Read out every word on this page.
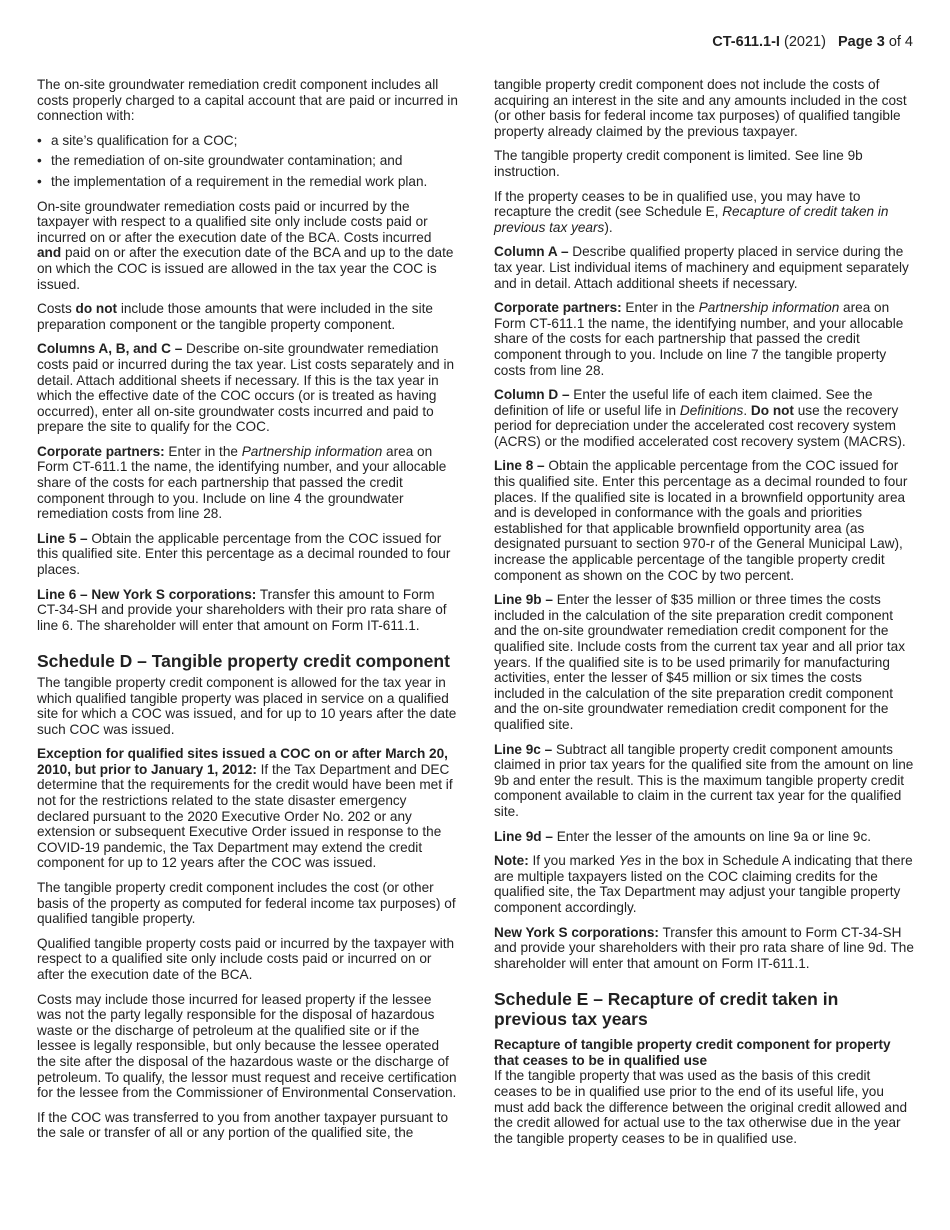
CT-611.1-I (2021) Page 3 of 4

The on-site groundwater remediation credit component includes all costs properly charged to a capital account that are paid or incurred in connection with:

• a site’s qualification for a COC;
• the remediation of on-site groundwater contamination; and
• the implementation of a requirement in the remedial work plan.

On-site groundwater remediation costs paid or incurred by the taxpayer with respect to a qualified site only include costs paid or incurred on or after the execution date of the BCA. Costs incurred and paid on or after the execution date of the BCA and up to the date on which the COC is issued are allowed in the tax year the COC is issued.

Costs do not include those amounts that were included in the site preparation component or the tangible property component.

Columns A, B, and C – Describe on-site groundwater remediation costs paid or incurred during the tax year. List costs separately and in detail. Attach additional sheets if necessary. If this is the tax year in which the effective date of the COC occurs (or is treated as having occurred), enter all on-site groundwater costs incurred and paid to prepare the site to qualify for the COC.

Corporate partners: Enter in the Partnership information area on Form CT-611.1 the name, the identifying number, and your allocable share of the costs for each partnership that passed the credit component through to you. Include on line 4 the groundwater remediation costs from line 28.

Line 5 – Obtain the applicable percentage from the COC issued for this qualified site. Enter this percentage as a decimal rounded to four places.

Line 6 – New York S corporations: Transfer this amount to Form CT-34-SH and provide your shareholders with their pro rata share of line 6. The shareholder will enter that amount on Form IT-611.1.

Schedule D – Tangible property credit component

The tangible property credit component is allowed for the tax year in which qualified tangible property was placed in service on a qualified site for which a COC was issued, and for up to 10 years after the date such COC was issued.

Exception for qualified sites issued a COC on or after March 20, 2010, but prior to January 1, 2012: If the Tax Department and DEC determine that the requirements for the credit would have been met if not for the restrictions related to the state disaster emergency declared pursuant to the 2020 Executive Order No. 202 or any extension or subsequent Executive Order issued in response to the COVID-19 pandemic, the Tax Department may extend the credit component for up to 12 years after the COC was issued.

The tangible property credit component includes the cost (or other basis of the property as computed for federal income tax purposes) of qualified tangible property.

Qualified tangible property costs paid or incurred by the taxpayer with respect to a qualified site only include costs paid or incurred on or after the execution date of the BCA.

Costs may include those incurred for leased property if the lessee was not the party legally responsible for the disposal of hazardous waste or the discharge of petroleum at the qualified site or if the lessee is legally responsible, but only because the lessee operated the site after the disposal of the hazardous waste or the discharge of petroleum. To qualify, the lessor must request and receive certification for the lessee from the Commissioner of Environmental Conservation.

If the COC was transferred to you from another taxpayer pursuant to the sale or transfer of all or any portion of the qualified site, the

tangible property credit component does not include the costs of acquiring an interest in the site and any amounts included in the cost (or other basis for federal income tax purposes) of qualified tangible property already claimed by the previous taxpayer.

The tangible property credit component is limited. See line 9b instruction.

If the property ceases to be in qualified use, you may have to recapture the credit (see Schedule E, Recapture of credit taken in previous tax years).

Column A – Describe qualified property placed in service during the tax year. List individual items of machinery and equipment separately and in detail. Attach additional sheets if necessary.

Corporate partners: Enter in the Partnership information area on Form CT-611.1 the name, the identifying number, and your allocable share of the costs for each partnership that passed the credit component through to you. Include on line 7 the tangible property costs from line 28.

Column D – Enter the useful life of each item claimed. See the definition of life or useful life in Definitions. Do not use the recovery period for depreciation under the accelerated cost recovery system (ACRS) or the modified accelerated cost recovery system (MACRS).

Line 8 – Obtain the applicable percentage from the COC issued for this qualified site. Enter this percentage as a decimal rounded to four places. If the qualified site is located in a brownfield opportunity area and is developed in conformance with the goals and priorities established for that applicable brownfield opportunity area (as designated pursuant to section 970-r of the General Municipal Law), increase the applicable percentage of the tangible property credit component as shown on the COC by two percent.

Line 9b – Enter the lesser of $35 million or three times the costs included in the calculation of the site preparation credit component and the on-site groundwater remediation credit component for the qualified site. Include costs from the current tax year and all prior tax years. If the qualified site is to be used primarily for manufacturing activities, enter the lesser of $45 million or six times the costs included in the calculation of the site preparation credit component and the on-site groundwater remediation credit component for the qualified site.

Line 9c – Subtract all tangible property credit component amounts claimed in prior tax years for the qualified site from the amount on line 9b and enter the result. This is the maximum tangible property credit component available to claim in the current tax year for the qualified site.

Line 9d – Enter the lesser of the amounts on line 9a or line 9c.

Note: If you marked Yes in the box in Schedule A indicating that there are multiple taxpayers listed on the COC claiming credits for the qualified site, the Tax Department may adjust your tangible property component accordingly.

New York S corporations: Transfer this amount to Form CT-34-SH and provide your shareholders with their pro rata share of line 9d. The shareholder will enter that amount on Form IT-611.1.

Schedule E – Recapture of credit taken in previous tax years
Recapture of tangible property credit component for property that ceases to be in qualified use

If the tangible property that was used as the basis of this credit ceases to be in qualified use prior to the end of its useful life, you must add back the difference between the original credit allowed and the credit allowed for actual use to the tax otherwise due in the year the tangible property ceases to be in qualified use.
